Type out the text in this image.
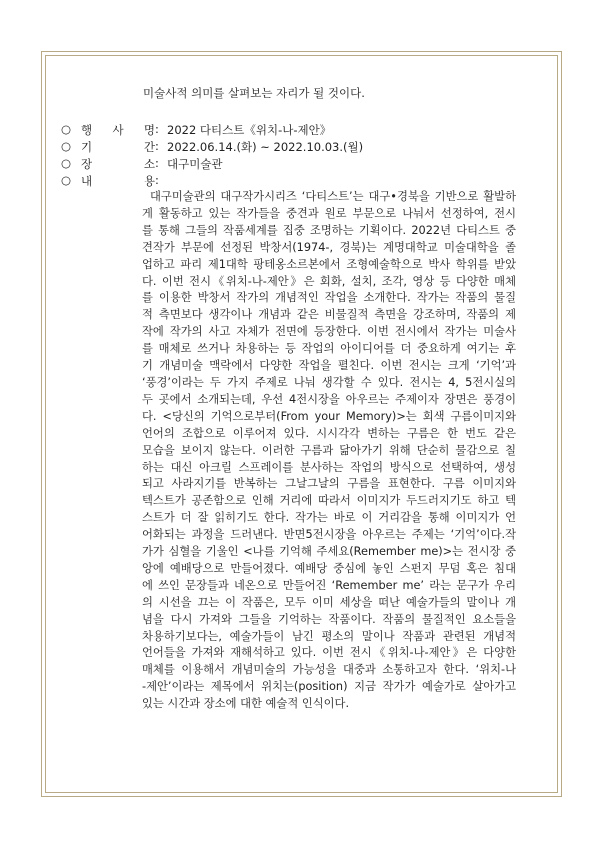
미술사적 의미를 살펴보는 자리가 될 것이다.
○ 행 사 명 : 2022 다티스트《위치-나-제안》
○ 기	간 : 2022.06.14.(화) ~ 2022.10.03.(월)
○ 장	소 : 대구미술관
○ 내	용 :
대구미술관의 대구작가시리즈 ‘다티스트’는 대구•경북을 기반으로 활발하
게 활동하고 있는 작가들을 중견과 원로 부문으로 나눠서 선정하여, 전시
를 통해 그들의 작품세계를 집중 조명하는 기획이다. 2022년 다티스트 중
견작가 부문에 선정된 박창서(1974-, 경북)는 계명대학교 미술대학을 졸
업하고 파리 제1대학 팡테옹소르본에서 조형예술학으로 박사 학위를 받았
다. 이번 전시《위치-나-제안》은 회화, 설치, 조각, 영상 등 다양한 매체
를 이용한 박창서 작가의 개념적인 작업을 소개한다. 작가는 작품의 물질
적 측면보다 생각이나 개념과 같은 비물질적 측면을 강조하며, 작품의 제
작에 작가의 사고 자체가 전면에 등장한다. 이번 전시에서 작가는 미술사
를 매체로 쓰거나 차용하는 등 작업의 아이디어를 더 중요하게 여기는 후
기 개념미술 맥락에서 다양한 작업을 펼친다. 이번 전시는 크게 ‘기억’과
‘풍경’이라는 두 가지 주제로 나눠 생각할 수 있다. 전시는 4, 5전시실의
두 곳에서 소개되는데, 우선 4전시장을 아우르는 주제이자 장면은 풍경이
다. <당신의 기억으로부터(From your Memory)>는 회색 구름이미지와
언어의 조합으로 이루어져 있다. 시시각각 변하는 구름은 한 번도 같은
모습을 보이지 않는다. 이러한 구름과 닮아가기 위해 단순히 물감으로 칠
하는 대신 아크릴 스프레이를 분사하는 작업의 방식으로 선택하여, 생성
되고 사라지기를 반복하는 그날그날의 구름을 표현한다. 구름 이미지와
텍스트가 공존함으로 인해 거리에 따라서 이미지가 두드러지기도 하고 텍
스트가 더 잘 읽히기도 한다. 작가는 바로 이 거리감을 통해 이미지가 언
어화되는 과정을 드러낸다. 반면5전시장을 아우르는 주제는 ‘기억’이다.작
가가 심혈을 기울인 <나를 기억해 주세요(Remember me)>는 전시장 중
앙에 예배당으로 만들어졌다. 예배당 중심에 놓인 스펀지 무덤 혹은 침대
에 쓰인 문장들과 네온으로 만들어진 ‘Remember me’ 라는 문구가 우리
의 시선을 끄는 이 작품은, 모두 이미 세상을 떠난 예술가들의 말이나 개
념을 다시 가져와 그들을 기억하는 작품이다. 작품의 물질적인 요소들을
차용하기보다는, 예술가들이 남긴 평소의 말이나 작품과 관련된 개념적
언어들을 가져와 재해석하고 있다. 이번 전시《위치-나-제안》은 다양한
매체를 이용해서 개념미술의 가능성을 대중과 소통하고자 한다. ‘위치-나
-제안’이라는 제목에서 위치는(position) 지금 작가가 예술가로 살아가고
있는 시간과 장소에 대한 예술적 인식이다.
